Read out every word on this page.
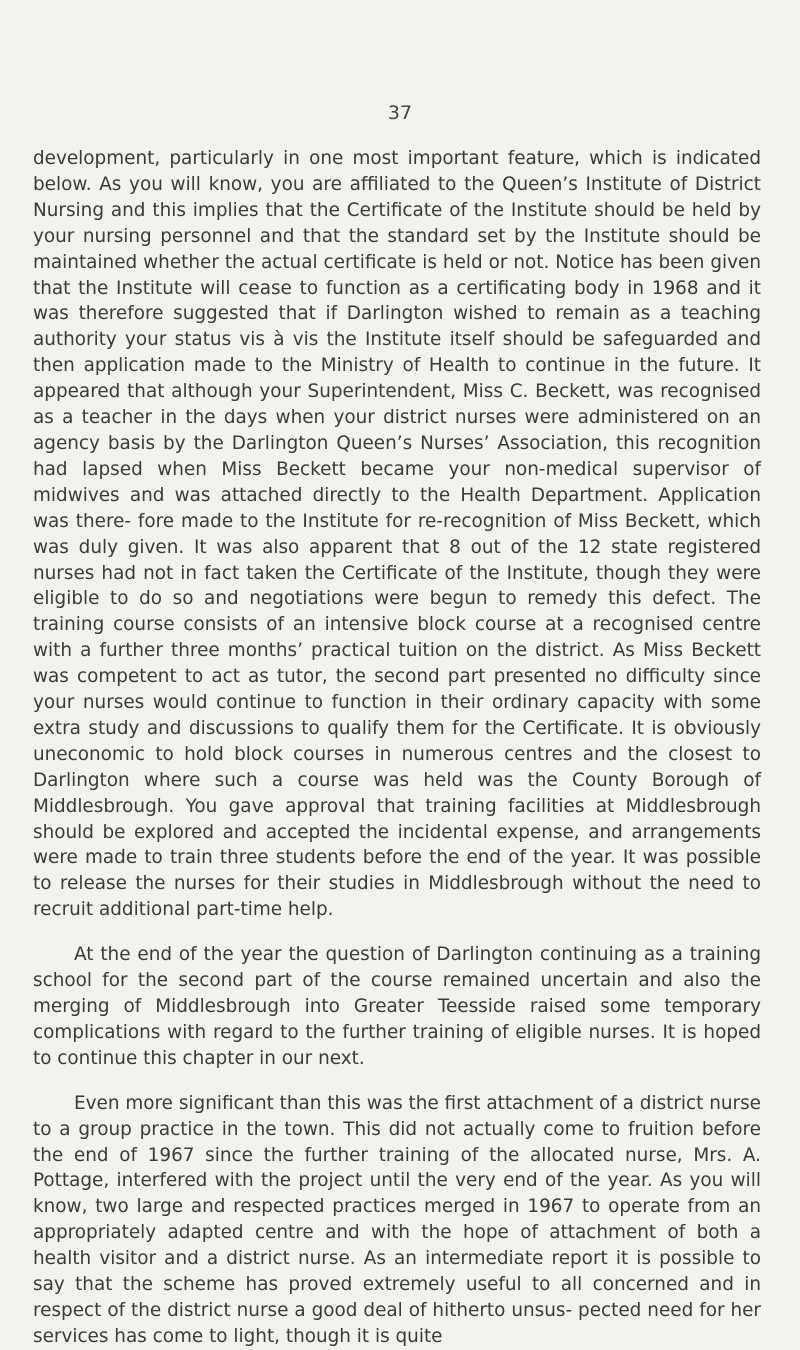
37

development, particularly in one most important feature, which is indicated below. As you will know, you are affiliated to the Queen’s Institute of District Nursing and this implies that the Certificate of the Institute should be held by your nursing personnel and that the standard set by the Institute should be maintained whether the actual certificate is held or not. Notice has been given that the Institute will cease to function as a certificating body in 1968 and it was therefore suggested that if Darlington wished to remain as a teaching authority your status vis à vis the Institute itself should be safeguarded and then application made to the Ministry of Health to continue in the future. It appeared that although your Superintendent, Miss C. Beckett, was recognised as a teacher in the days when your district nurses were administered on an agency basis by the Darlington Queen’s Nurses’ Association, this recognition had lapsed when Miss Beckett became your non-medical supervisor of midwives and was attached directly to the Health Department. Application was there- fore made to the Institute for re-recognition of Miss Beckett, which was duly given. It was also apparent that 8 out of the 12 state registered nurses had not in fact taken the Certificate of the Institute, though they were eligible to do so and negotiations were begun to remedy this defect. The training course consists of an intensive block course at a recognised centre with a further three months’ practical tuition on the district. As Miss Beckett was competent to act as tutor, the second part presented no difficulty since your nurses would continue to function in their ordinary capacity with some extra study and discussions to qualify them for the Certificate. It is obviously uneconomic to hold block courses in numerous centres and the closest to Darlington where such a course was held was the County Borough of Middlesbrough. You gave approval that training facilities at Middlesbrough should be explored and accepted the incidental expense, and arrangements were made to train three students before the end of the year. It was possible to release the nurses for their studies in Middlesbrough without the need to recruit additional part-time help.

At the end of the year the question of Darlington continuing as a training school for the second part of the course remained uncertain and also the merging of Middlesbrough into Greater Teesside raised some temporary complications with regard to the further training of eligible nurses. It is hoped to continue this chapter in our next.

Even more significant than this was the first attachment of a district nurse to a group practice in the town. This did not actually come to fruition before the end of 1967 since the further training of the allocated nurse, Mrs. A. Pottage, interfered with the project until the very end of the year. As you will know, two large and respected practices merged in 1967 to operate from an appropriately adapted centre and with the hope of attachment of both a health visitor and a district nurse. As an intermediate report it is possible to say that the scheme has proved extremely useful to all concerned and in respect of the district nurse a good deal of hitherto unsus- pected need for her services has come to light, though it is quite
